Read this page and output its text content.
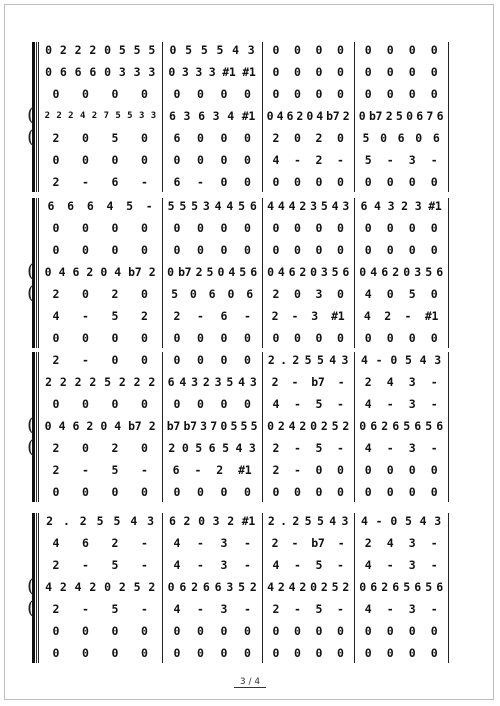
(
(
0 2 2 2 0 5 5 5 0 5 5 5 4 3 0 0 0 0 0 0 0 0
0 6 6 6 0 3 3 3 0 3 3 3 #1 #1 0 0 0 0 0 0 0 0
0 0 0 0 0 0 0 0 0 0 0 0 0 0 0 0
2 2 2 4 2 7 5 5 3 3 6 3 6 3 4 #1 0 4 6 2 0 4 b7 2 0 b7 2 5 0 6 7 6
2 0 5 0 6 0 0 0 2 0 2 0 5 0 6 0 6
0 0 0 0 0 0 0 0 4 - 2 - 5 - 3 -
2 - 6 - 6 - 0 0 0 0 0 0 0 0 0 0
(
(
6 6 6 4 5 - 5 5 5 3 4 4 5 6 4 4 4 2 3 5 4 3 6 4 3 2 3 #1
0 0 0 0 0 0 0 0 0 0 0 0 0 0 0 0
0 0 0 0 0 0 0 0 0 0 0 0 0 0 0 0
0 4 6 2 0 4 b7 2 0 b7 2 5 0 4 5 6 0 4 6 2 0 3 5 6 0 4 6 2 0 3 5 6
2 0 2 0 5 0 6 0 6 2 0 3 0 4 0 5 0
4 - 5 2 2 - 6 - 2 - 3 #1 4 2 - #1
0 0 0 0 0 0 0 0 0 0 0 0 0 0 0 0
(
(
2 - 0 0 0 0 0 0 2 . 2 5 5 4 3 4 - 0 5 4 3
2 2 2 2 5 2 2 2 6 4 3 2 3 5 4 3 2 - b7 - 2 4 3 -
0 0 0 0 0 0 0 0 4 - 5 - 4 - 3 -
0 4 6 2 0 4 b7 2 b7 b7 3 7 0 5 5 5 0 2 4 2 0 2 5 2 0 6 2 6 5 6 5 6
2 0 2 0 2 0 5 6 5 4 3 2 - 5 - 4 - 3 -
2 - 5 - 6 - 2 #1 2 - 0 0 0 0 0 0
0 0 0 0 0 0 0 0 0 0 0 0 0 0 0 0
(
(
2 . 2 5 5 4 3 6 2 0 3 2 #1 2 . 2 5 5 4 3 4 - 0 5 4 3
4 6 2 - 4 - 3 - 2 - b7 - 2 4 3 -
2 - 5 - 4 - 3 - 4 - 5 - 4 - 3 -
4 2 4 2 0 2 5 2 0 6 2 6 6 3 5 2 4 2 4 2 0 2 5 2 0 6 2 6 5 6 5 6
2 - 5 - 4 - 3 - 2 - 5 - 4 - 3 -
0 0 0 0 0 0 0 0 0 0 0 0 0 0 0 0
0 0 0 0 0 0 0 0 0 0 0 0 0 0 0 0
3 / 4
